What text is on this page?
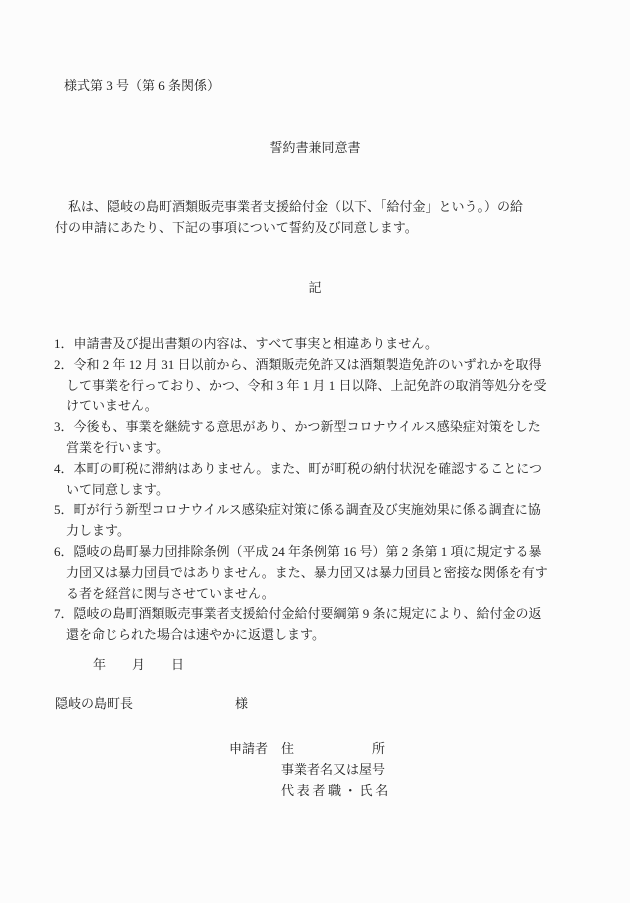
様式第 3 号（第 6 条関係）
誓約書兼同意書
　私は、隠岐の島町酒類販売事業者支援給付金（以下、「給付金」という。）の給
付の申請にあたり、下記の事項について誓約及び同意します。
記
1．申請書及び提出書類の内容は、すべて事実と相違ありません。
2．令和 2 年 12 月 31 日以前から、酒類販売免許又は酒類製造免許のいずれかを取得
して事業を行っており、かつ、令和 3 年 1 月 1 日以降、上記免許の取消等処分を受
けていません。
3．今後も、事業を継続する意思があり、かつ新型コロナウイルス感染症対策をした
営業を行います。
4．本町の町税に滞納はありません。また、町が町税の納付状況を確認することにつ
いて同意します。
5．町が行う新型コロナウイルス感染症対策に係る調査及び実施効果に係る調査に協
力します。
6．隠岐の島町暴力団排除条例（平成 24 年条例第 16 号）第 2 条第 1 項に規定する暴
力団又は暴力団員ではありません。また、暴力団又は暴力団員と密接な関係を有す
る者を経営に関与させていません。
7．隠岐の島町酒類販売事業者支援給付金給付要綱第 9 条に規定により、給付金の返
還を命じられた場合は速やかに返還します。
年　　月　　日
隠岐の島町長	様
申請者 住　　　　　　所
事業者名又は屋号
代表者職・氏名
